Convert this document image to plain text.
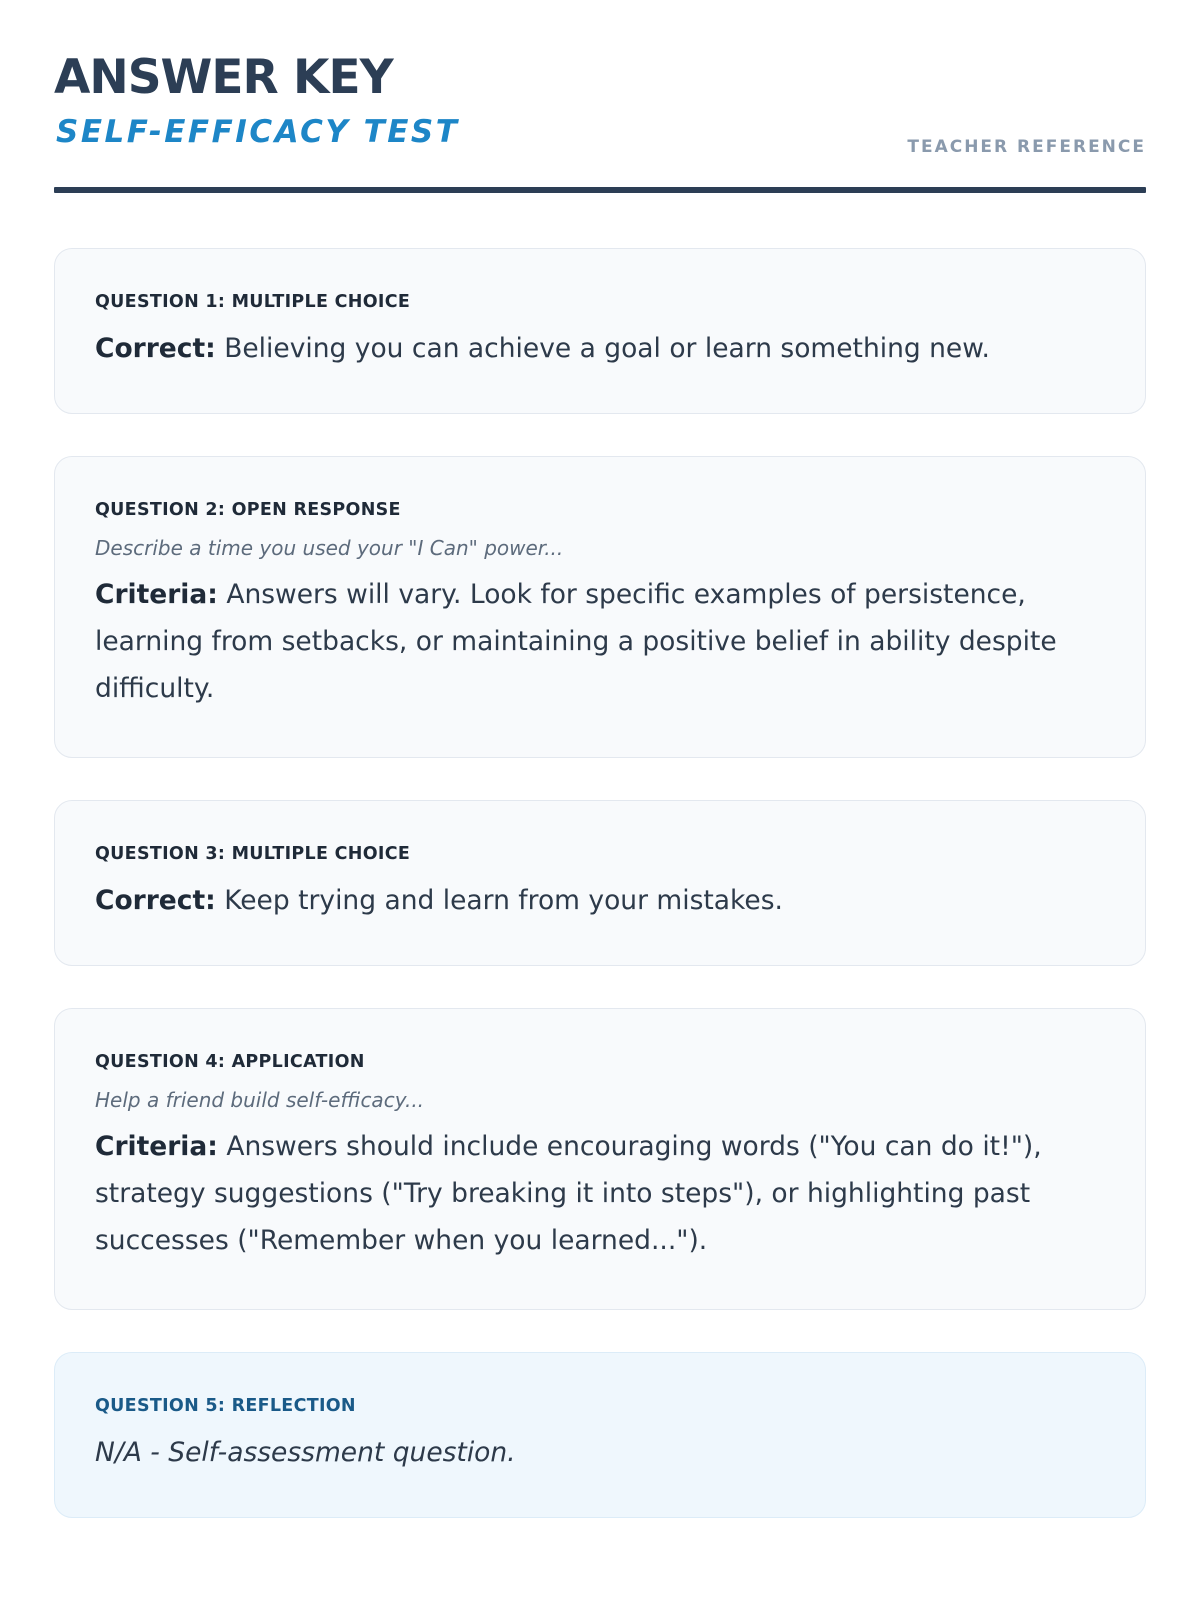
ANSWER KEY
SELF-EFFICACY TEST	TEACHER REFERENCE
QUESTION 1: MULTIPLE CHOICE
Correct: Believing you can achieve a goal or learn something new.
QUESTION 2: OPEN RESPONSE
Describe a time you used your "I Can" power...
Criteria: Answers will vary. Look for specific examples of persistence, learning from setbacks, or maintaining a positive belief in ability despite difficulty.
QUESTION 3: MULTIPLE CHOICE
Correct: Keep trying and learn from your mistakes.
QUESTION 4: APPLICATION
Help a friend build self-efficacy...
Criteria: Answers should include encouraging words ("You can do it!"), strategy suggestions ("Try breaking it into steps"), or highlighting past successes ("Remember when you learned...").
QUESTION 5: REFLECTION
N/A - Self-assessment question.
